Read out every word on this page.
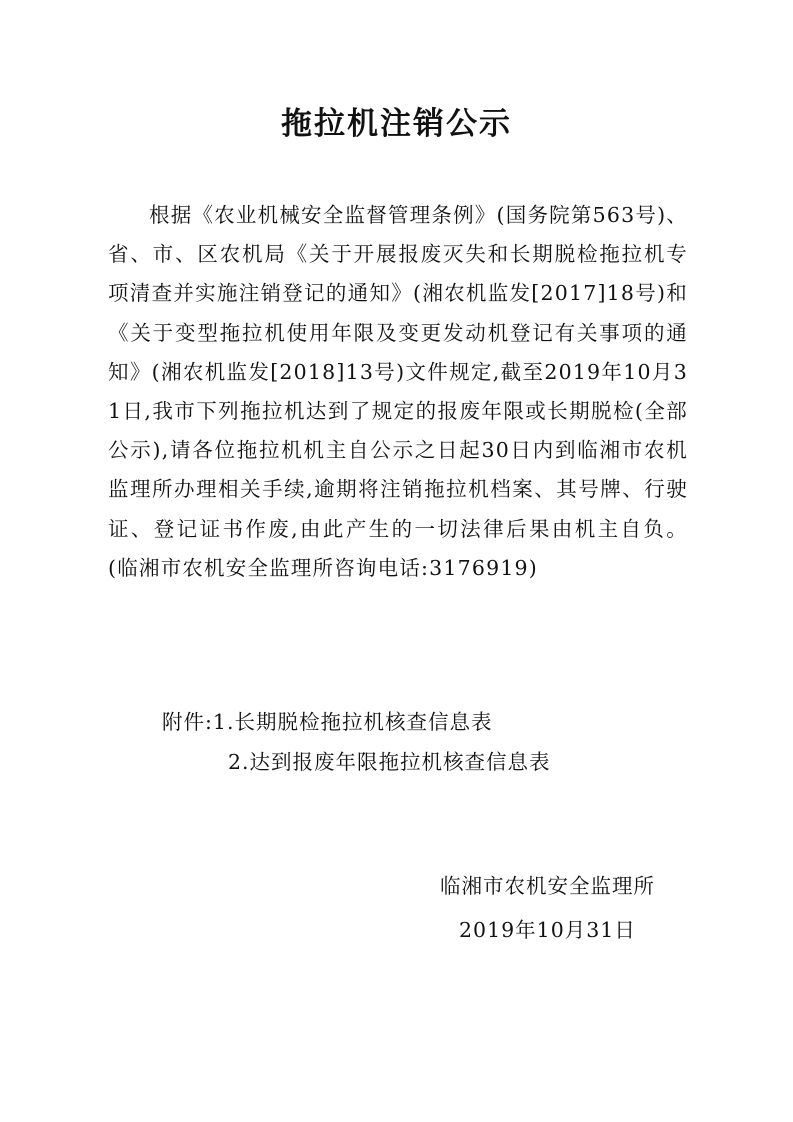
拖拉机注销公示

根据《农业机械安全监督管理条例》(国务院第563号)、省、市、区农机局《关于开展报废灭失和长期脱检拖拉机专项清查并实施注销登记的通知》(湘农机监发[2017]18号)和《关于变型拖拉机使用年限及变更发动机登记有关事项的通知》(湘农机监发[2018]13号)文件规定,截至2019年10月31日,我市下列拖拉机达到了规定的报废年限或长期脱检(全部公示),请各位拖拉机机主自公示之日起30日内到临湘市农机监理所办理相关手续,逾期将注销拖拉机档案、其号牌、行驶证、登记证书作废,由此产生的一切法律后果由机主自负。(临湘市农机安全监理所咨询电话:3176919)

附件:1.长期脱检拖拉机核查信息表

2.达到报废年限拖拉机核查信息表

临湘市农机安全监理所

2019年10月31日
